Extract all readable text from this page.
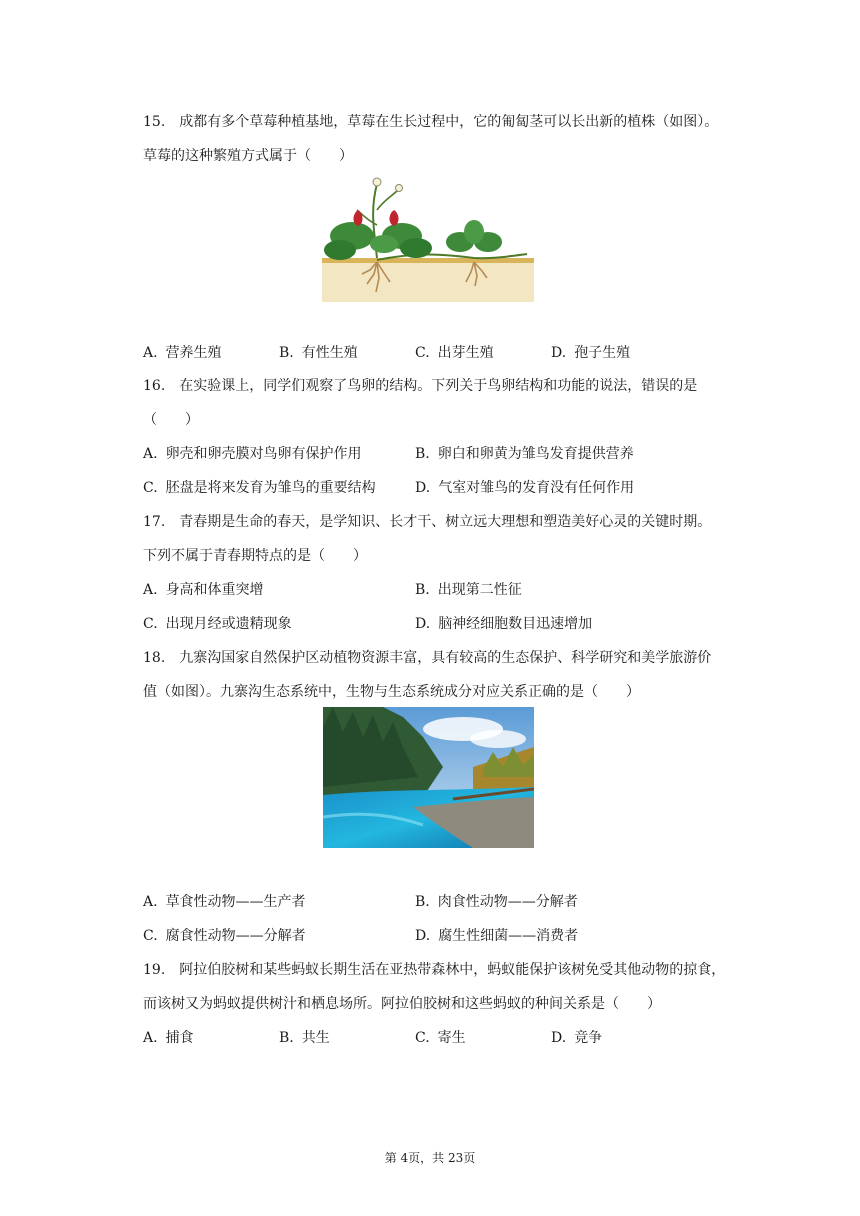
15. 成都有多个草莓种植基地，草莓在生长过程中，它的匍匐茎可以长出新的植株（如图）。
草莓的这种繁殖方式属于（　　）
A. 营养生殖	B. 有性生殖	C. 出芽生殖	D. 孢子生殖
16. 在实验课上，同学们观察了鸟卵的结构。下列关于鸟卵结构和功能的说法，错误的是
（　　）
A. 卵壳和卵壳膜对鸟卵有保护作用	B. 卵白和卵黄为雏鸟发育提供营养
C. 胚盘是将来发育为雏鸟的重要结构	D. 气室对雏鸟的发育没有任何作用
17. 青春期是生命的春天，是学知识、长才干、树立远大理想和塑造美好心灵的关键时期。
下列不属于青春期特点的是（　　）
A. 身高和体重突增	B. 出现第二性征
C. 出现月经或遗精现象	D. 脑神经细胞数目迅速增加
18. 九寨沟国家自然保护区动植物资源丰富，具有较高的生态保护、科学研究和美学旅游价
值（如图）。九寨沟生态系统中，生物与生态系统成分对应关系正确的是（　　）
A. 草食性动物——生产者	B. 肉食性动物——分解者
C. 腐食性动物——分解者	D. 腐生性细菌——消费者
19. 阿拉伯胶树和某些蚂蚁长期生活在亚热带森林中，蚂蚁能保护该树免受其他动物的掠食，
而该树又为蚂蚁提供树汁和栖息场所。阿拉伯胶树和这些蚂蚁的种间关系是（　　）
A. 捕食	B. 共生	C. 寄生	D. 竞争
第 4页，共 23页
